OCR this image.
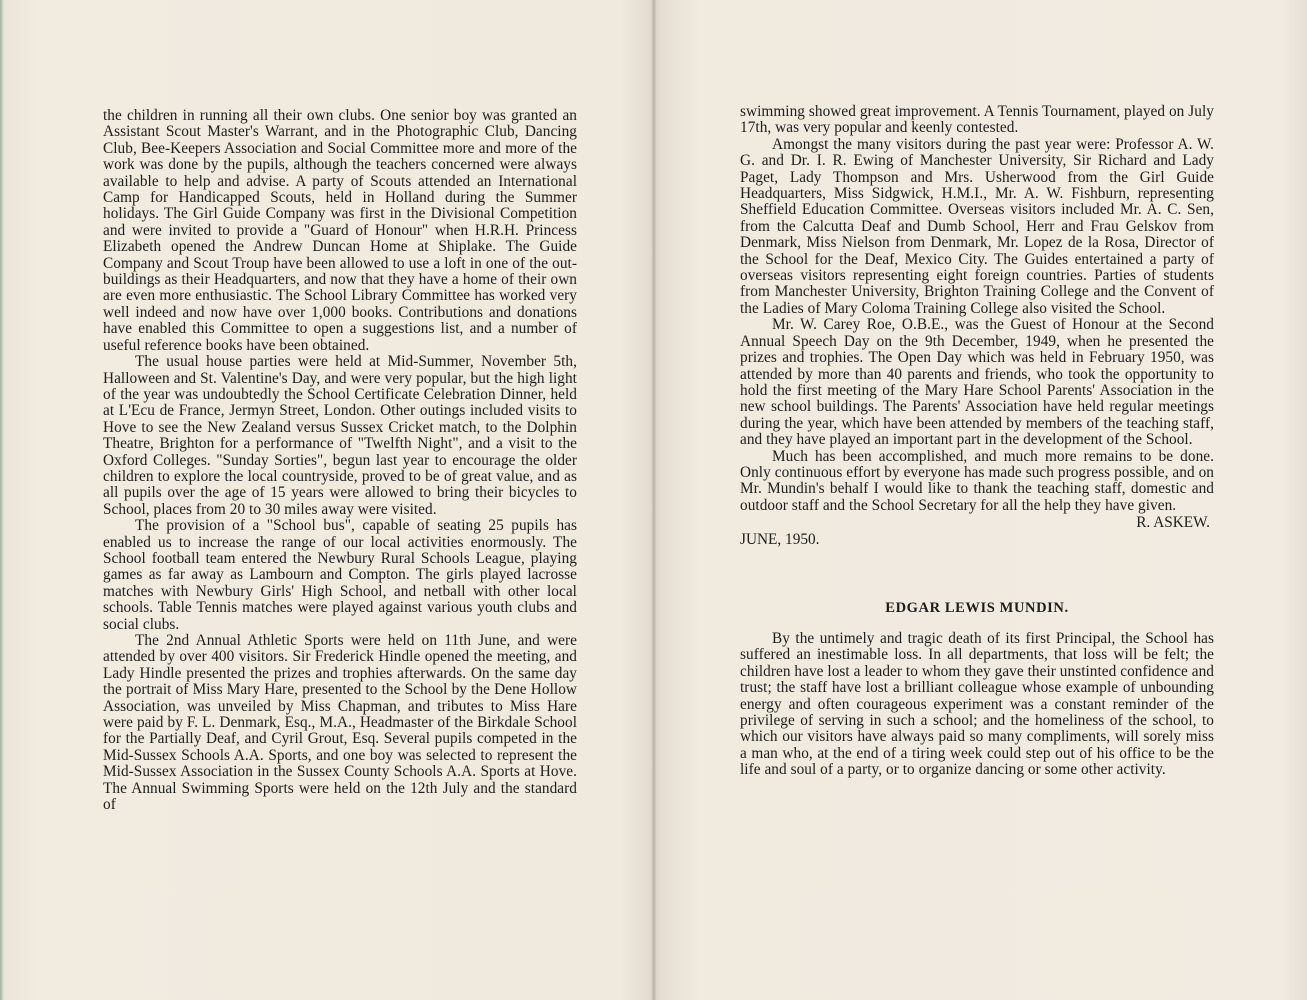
the children in running all their own clubs. One senior boy was granted an Assistant Scout Master's Warrant, and in the Photographic Club, Dancing Club, Bee-Keepers Association and Social Committee more and more of the work was done by the pupils, although the teachers concerned were always available to help and advise. A party of Scouts attended an International Camp for Handicapped Scouts, held in Holland during the Summer holidays. The Girl Guide Company was first in the Divisional Competition and were invited to provide a "Guard of Honour" when H.R.H. Princess Elizabeth opened the Andrew Duncan Home at Shiplake. The Guide Company and Scout Troup have been allowed to use a loft in one of the out-buildings as their Headquarters, and now that they have a home of their own are even more enthusiastic. The School Library Committee has worked very well indeed and now have over 1,000 books. Contributions and donations have enabled this Committee to open a suggestions list, and a number of useful reference books have been obtained.

The usual house parties were held at Mid-Summer, November 5th, Halloween and St. Valentine's Day, and were very popular, but the high light of the year was undoubtedly the School Certificate Celebration Dinner, held at L'Ecu de France, Jermyn Street, London. Other outings included visits to Hove to see the New Zealand versus Sussex Cricket match, to the Dolphin Theatre, Brighton for a performance of "Twelfth Night", and a visit to the Oxford Colleges. "Sunday Sorties", begun last year to encourage the older children to explore the local countryside, proved to be of great value, and as all pupils over the age of 15 years were allowed to bring their bicycles to School, places from 20 to 30 miles away were visited.

The provision of a "School bus", capable of seating 25 pupils has enabled us to increase the range of our local activities enormously. The School football team entered the Newbury Rural Schools League, playing games as far away as Lambourn and Compton. The girls played lacrosse matches with Newbury Girls' High School, and netball with other local schools. Table Tennis matches were played against various youth clubs and social clubs.

The 2nd Annual Athletic Sports were held on 11th June, and were attended by over 400 visitors. Sir Frederick Hindle opened the meeting, and Lady Hindle presented the prizes and trophies afterwards. On the same day the portrait of Miss Mary Hare, presented to the School by the Dene Hollow Association, was unveiled by Miss Chapman, and tributes to Miss Hare were paid by F. L. Denmark, Esq., M.A., Headmaster of the Birkdale School for the Partially Deaf, and Cyril Grout, Esq. Several pupils competed in the Mid-Sussex Schools A.A. Sports, and one boy was selected to represent the Mid-Sussex Association in the Sussex County Schools A.A. Sports at Hove. The Annual Swimming Sports were held on the 12th July and the standard of

swimming showed great improvement. A Tennis Tournament, played on July 17th, was very popular and keenly contested.

Amongst the many visitors during the past year were: Professor A. W. G. and Dr. I. R. Ewing of Manchester University, Sir Richard and Lady Paget, Lady Thompson and Mrs. Usherwood from the Girl Guide Headquarters, Miss Sidgwick, H.M.I., Mr. A. W. Fishburn, representing Sheffield Education Committee. Overseas visitors included Mr. A. C. Sen, from the Calcutta Deaf and Dumb School, Herr and Frau Gelskov from Denmark, Miss Nielson from Denmark, Mr. Lopez de la Rosa, Director of the School for the Deaf, Mexico City. The Guides entertained a party of overseas visitors representing eight foreign countries. Parties of students from Manchester University, Brighton Training College and the Convent of the Ladies of Mary Coloma Training College also visited the School.

Mr. W. Carey Roe, O.B.E., was the Guest of Honour at the Second Annual Speech Day on the 9th December, 1949, when he presented the prizes and trophies. The Open Day which was held in February 1950, was attended by more than 40 parents and friends, who took the opportunity to hold the first meeting of the Mary Hare School Parents' Association in the new school buildings. The Parents' Association have held regular meetings during the year, which have been attended by members of the teaching staff, and they have played an important part in the development of the School.

Much has been accomplished, and much more remains to be done. Only continuous effort by everyone has made such progress possible, and on Mr. Mundin's behalf I would like to thank the teaching staff, domestic and outdoor staff and the School Secretary for all the help they have given.

R. ASKEW.

JUNE, 1950.

EDGAR LEWIS MUNDIN.

By the untimely and tragic death of its first Principal, the School has suffered an inestimable loss. In all departments, that loss will be felt; the children have lost a leader to whom they gave their unstinted confidence and trust; the staff have lost a brilliant colleague whose example of unbounding energy and often courageous experiment was a constant reminder of the privilege of serving in such a school; and the homeliness of the school, to which our visitors have always paid so many compliments, will sorely miss a man who, at the end of a tiring week could step out of his office to be the life and soul of a party, or to organize dancing or some other activity.
